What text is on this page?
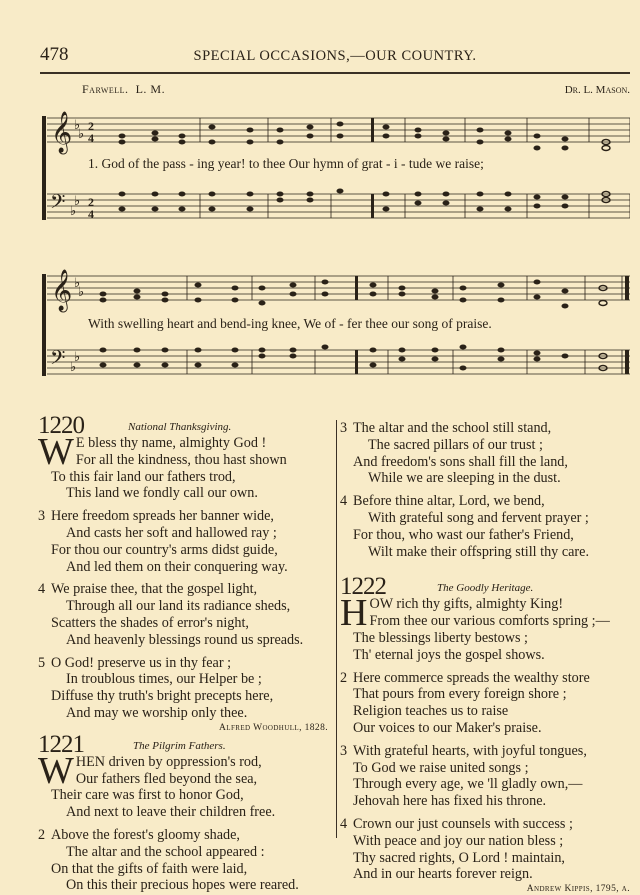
478	SPECIAL OCCASIONS,—OUR COUNTRY.
Farwell. L. M.	Dr. L. Mason.
𝄞
𝄢
♭
♭
♭
♭
2
4
2
4
1. God of the pass - ing year! to thee Our hymn of grat - i - tude we raise;
𝄞
𝄢
♭
♭
♭
♭
With swelling heart and bend-ing knee, We of - fer thee our song of praise.
1220	National Thanksgiving.
W E bless thy name, almighty God !
For all the kindness, thou hast shown
To this fair land our fathers trod,
This land we fondly call our own.
3 Here freedom spreads her banner wide,
And casts her soft and hallowed ray ;
For thou our country's arms didst guide,
And led them on their conquering way.
4 We praise thee, that the gospel light,
Through all our land its radiance sheds,
Scatters the shades of error's night,
And heavenly blessings round us spreads.
5 O God! preserve us in thy fear ;
In troublous times, our Helper be ;
Diffuse thy truth's bright precepts here,
And may we worship only thee.
Alfred Woodhull, 1828.
1221	The Pilgrim Fathers.
W HEN driven by oppression's rod,
Our fathers fled beyond the sea,
Their care was first to honor God,
And next to leave their children free.
2 Above the forest's gloomy shade,
The altar and the school appeared :
On that the gifts of faith were laid,
On this their precious hopes were reared.
3 The altar and the school still stand,
The sacred pillars of our trust ;
And freedom's sons shall fill the land,
While we are sleeping in the dust.
4 Before thine altar, Lord, we bend,
With grateful song and fervent prayer ;
For thou, who wast our father's Friend,
Wilt make their offspring still thy care.
1222	The Goodly Heritage.
H OW rich thy gifts, almighty King!
From thee our various comforts spring ;—
The blessings liberty bestows ;
Th' eternal joys the gospel shows.
2 Here commerce spreads the wealthy store
That pours from every foreign shore ;
Religion teaches us to raise
Our voices to our Maker's praise.
3 With grateful hearts, with joyful tongues,
To God we raise united songs ;
Through every age, we 'll gladly own,—
Jehovah here has fixed his throne.
4 Crown our just counsels with success ;
With peace and joy our nation bless ;
Thy sacred rights, O Lord ! maintain,
And in our hearts forever reign.
Andrew Kippis, 1795, a.
